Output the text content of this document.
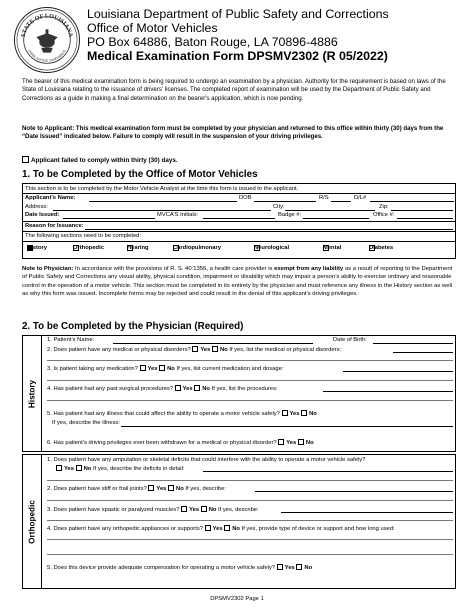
STATE OF LOUISIANA
UNION JUSTICE CONFIDENCE
Louisiana Department of Public Safety and Corrections
Office of Motor Vehicles
PO Box 64886, Baton Rouge, LA 70896-4886
Medical Examination Form DPSMV2302 (R 05/2022)
The bearer of this medical examination form is being required to undergo an examination by a physician. Authority for the requirement is based on laws of the State of Louisiana relating to the issuance of drivers' licenses. The completed report of examination will be used by the Department of Public Safety and Corrections as a guide in making a final determination on the bearer's application, which is now pending.
Note to Applicant: This medical examination form must be completed by your physician and returned to this office within thirty (30) days from the “Date Issued” indicated below. Failure to comply will result in the suspension of your driving privileges.
Applicant failed to comply within thirty (30) days.
1. To be Completed by the Office of Motor Vehicles
This section is to be completed by the Motor Vehicle Analyst at the time this form is issued to the applicant.
Applicant’s Name:	DOB	R/S	D/L#
Address:	City:	Zip:
Date Issued:	MVCA’S Initials:	Badge #:	Office #:
Reason for Issuance:
The following sections need to be completed:
History	Orthopedic	Hearing	Cardiopulmonary	Neurological	Mental	Diabetes
Note to Physician: In accordance with the provisions of R. S. 40:1356, a health care provider is exempt from any liability as a result of reporting to the Department of Public Safety and Corrections any visual ability, physical condition, impairment or disability which may impair a person’s ability to exercise ordinary and reasonable control in the operation of a motor vehicle. This section must be completed in its entirety by the physician and must reference any illness in the History section as well as why this form was issued. Incomplete forms may be rejected and could result in the denial of this applicant’s driving privileges.
2. To be Completed by the Physician (Required)
History
1. Patient’s Name:	Date of Birth:
2. Does patient have any medical or physical disorders? Yes No If yes, list the medical or physical disorders:
3. Is patient taking any medication? Yes No If yes, list current medication and dosage:
4. Has patient had any past surgical procedures? Yes No If yes, list the procedures:
5. Has patient had any illness that could affect the ability to operate a motor vehicle safely? Yes No
If yes, describe the illness:
6. Has patient’s driving privileges ever been withdrawn for a medical or physical disorder? Yes No
Orthopedic
1. Does patient have any amputation or skeletal deficits that could interfere with the ability to operate a motor vehicle safely?
Yes No If yes, describe the deficits in detail:
2. Does patient have stiff or frail joints? Yes No If yes, describe:
3. Does patient have spastic or paralyzed muscles? Yes No If yes, describe:
4. Does patient have any orthopedic appliances or supports? Yes No If yes, provide type of device or support and how long used:
5. Does this device provide adequate compensation for operating a motor vehicle safely? Yes No
DPSMV2302 Page 1
